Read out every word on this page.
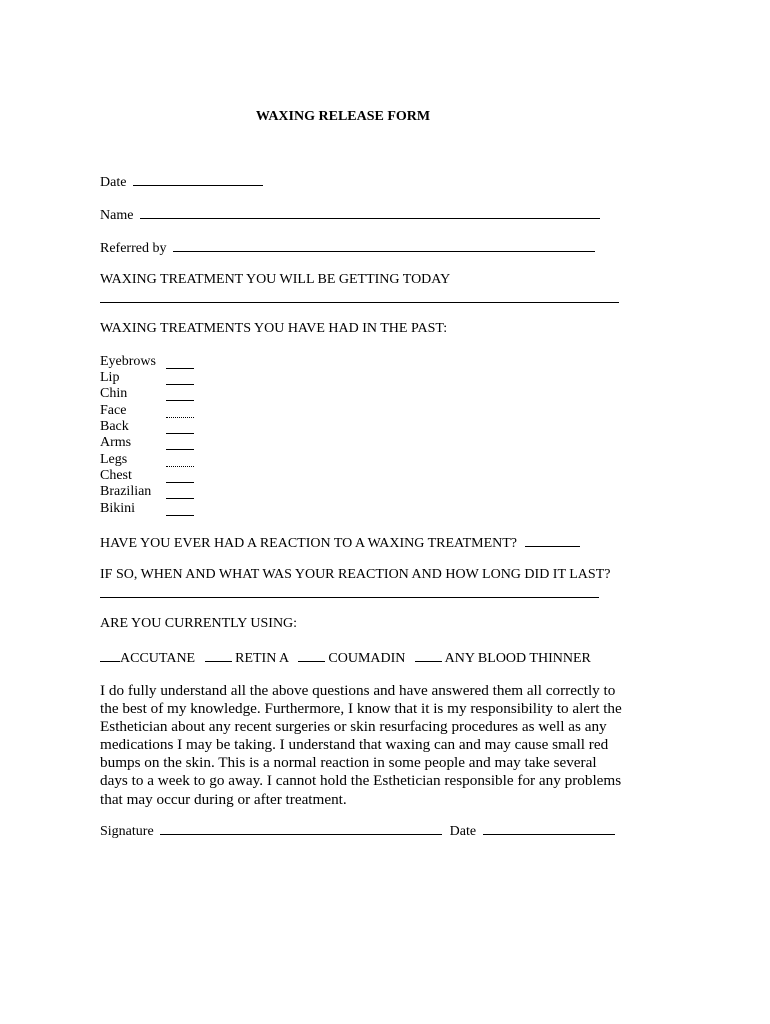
WAXING RELEASE FORM
Date
Name
Referred by
WAXING TREATMENT YOU WILL BE GETTING TODAY
WAXING TREATMENTS YOU HAVE HAD IN THE PAST:
Eyebrows
Lip
Chin
Face
Back
Arms
Legs
Chest
Brazilian
Bikini
HAVE YOU EVER HAD A REACTION TO A WAXING TREATMENT?
IF SO, WHEN AND WHAT WAS YOUR REACTION AND HOW LONG DID IT LAST?
ARE YOU CURRENTLY USING:
ACCUTANE	RETIN A	COUMADIN	ANY BLOOD THINNER
I do fully understand all the above questions and have answered them all correctly to
the best of my knowledge. Furthermore, I know that it is my responsibility to alert the
Esthetician about any recent surgeries or skin resurfacing procedures as well as any
medications I may be taking. I understand that waxing can and may cause small red
bumps on the skin. This is a normal reaction in some people and may take several
days to a week to go away. I cannot hold the Esthetician responsible for any problems
that may occur during or after treatment.
Signature	Date
